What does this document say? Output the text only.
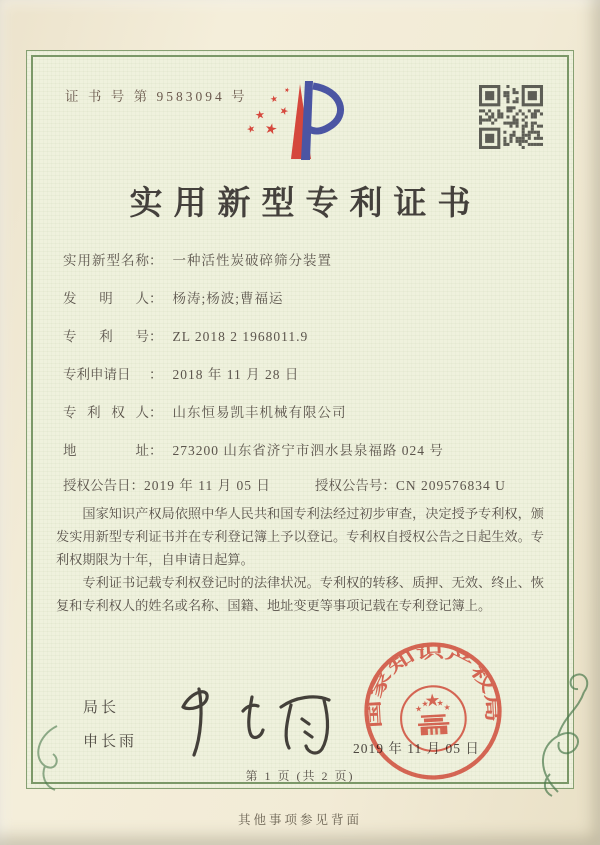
证 书 号 第 9583094 号
实用新型专利证书
实用新型名称： 一种活性炭破碎筛分装置
发明人： 杨涛;杨波;曹福运
专利号： ZL 2018 2 1968011.9
专利申请日 ： 2018 年 11 月 28 日
专利权人： 山东恒易凯丰机械有限公司
地址： 273200 山东省济宁市泗水县泉福路 024 号
授权公告日：2019 年 11 月 05 日	授权公告号：CN 209576834 U

国家知识产权局依照中华人民共和国专利法经过初步审查，决定授予专利权，颁发实用新型专利证书并在专利登记簿上予以登记。专利权自授权公告之日起生效。专利权期限为十年，自申请日起算。

专利证书记载专利权登记时的法律状况。专利权的转移、质押、无效、终止、恢复和专利权人的姓名或名称、国籍、地址变更等事项记载在专利登记簿上。

局长
申长雨	2019 年 11 月 05 日
国家知识产权局
第 1 页 (共 2 页)
其他事项参见背面
